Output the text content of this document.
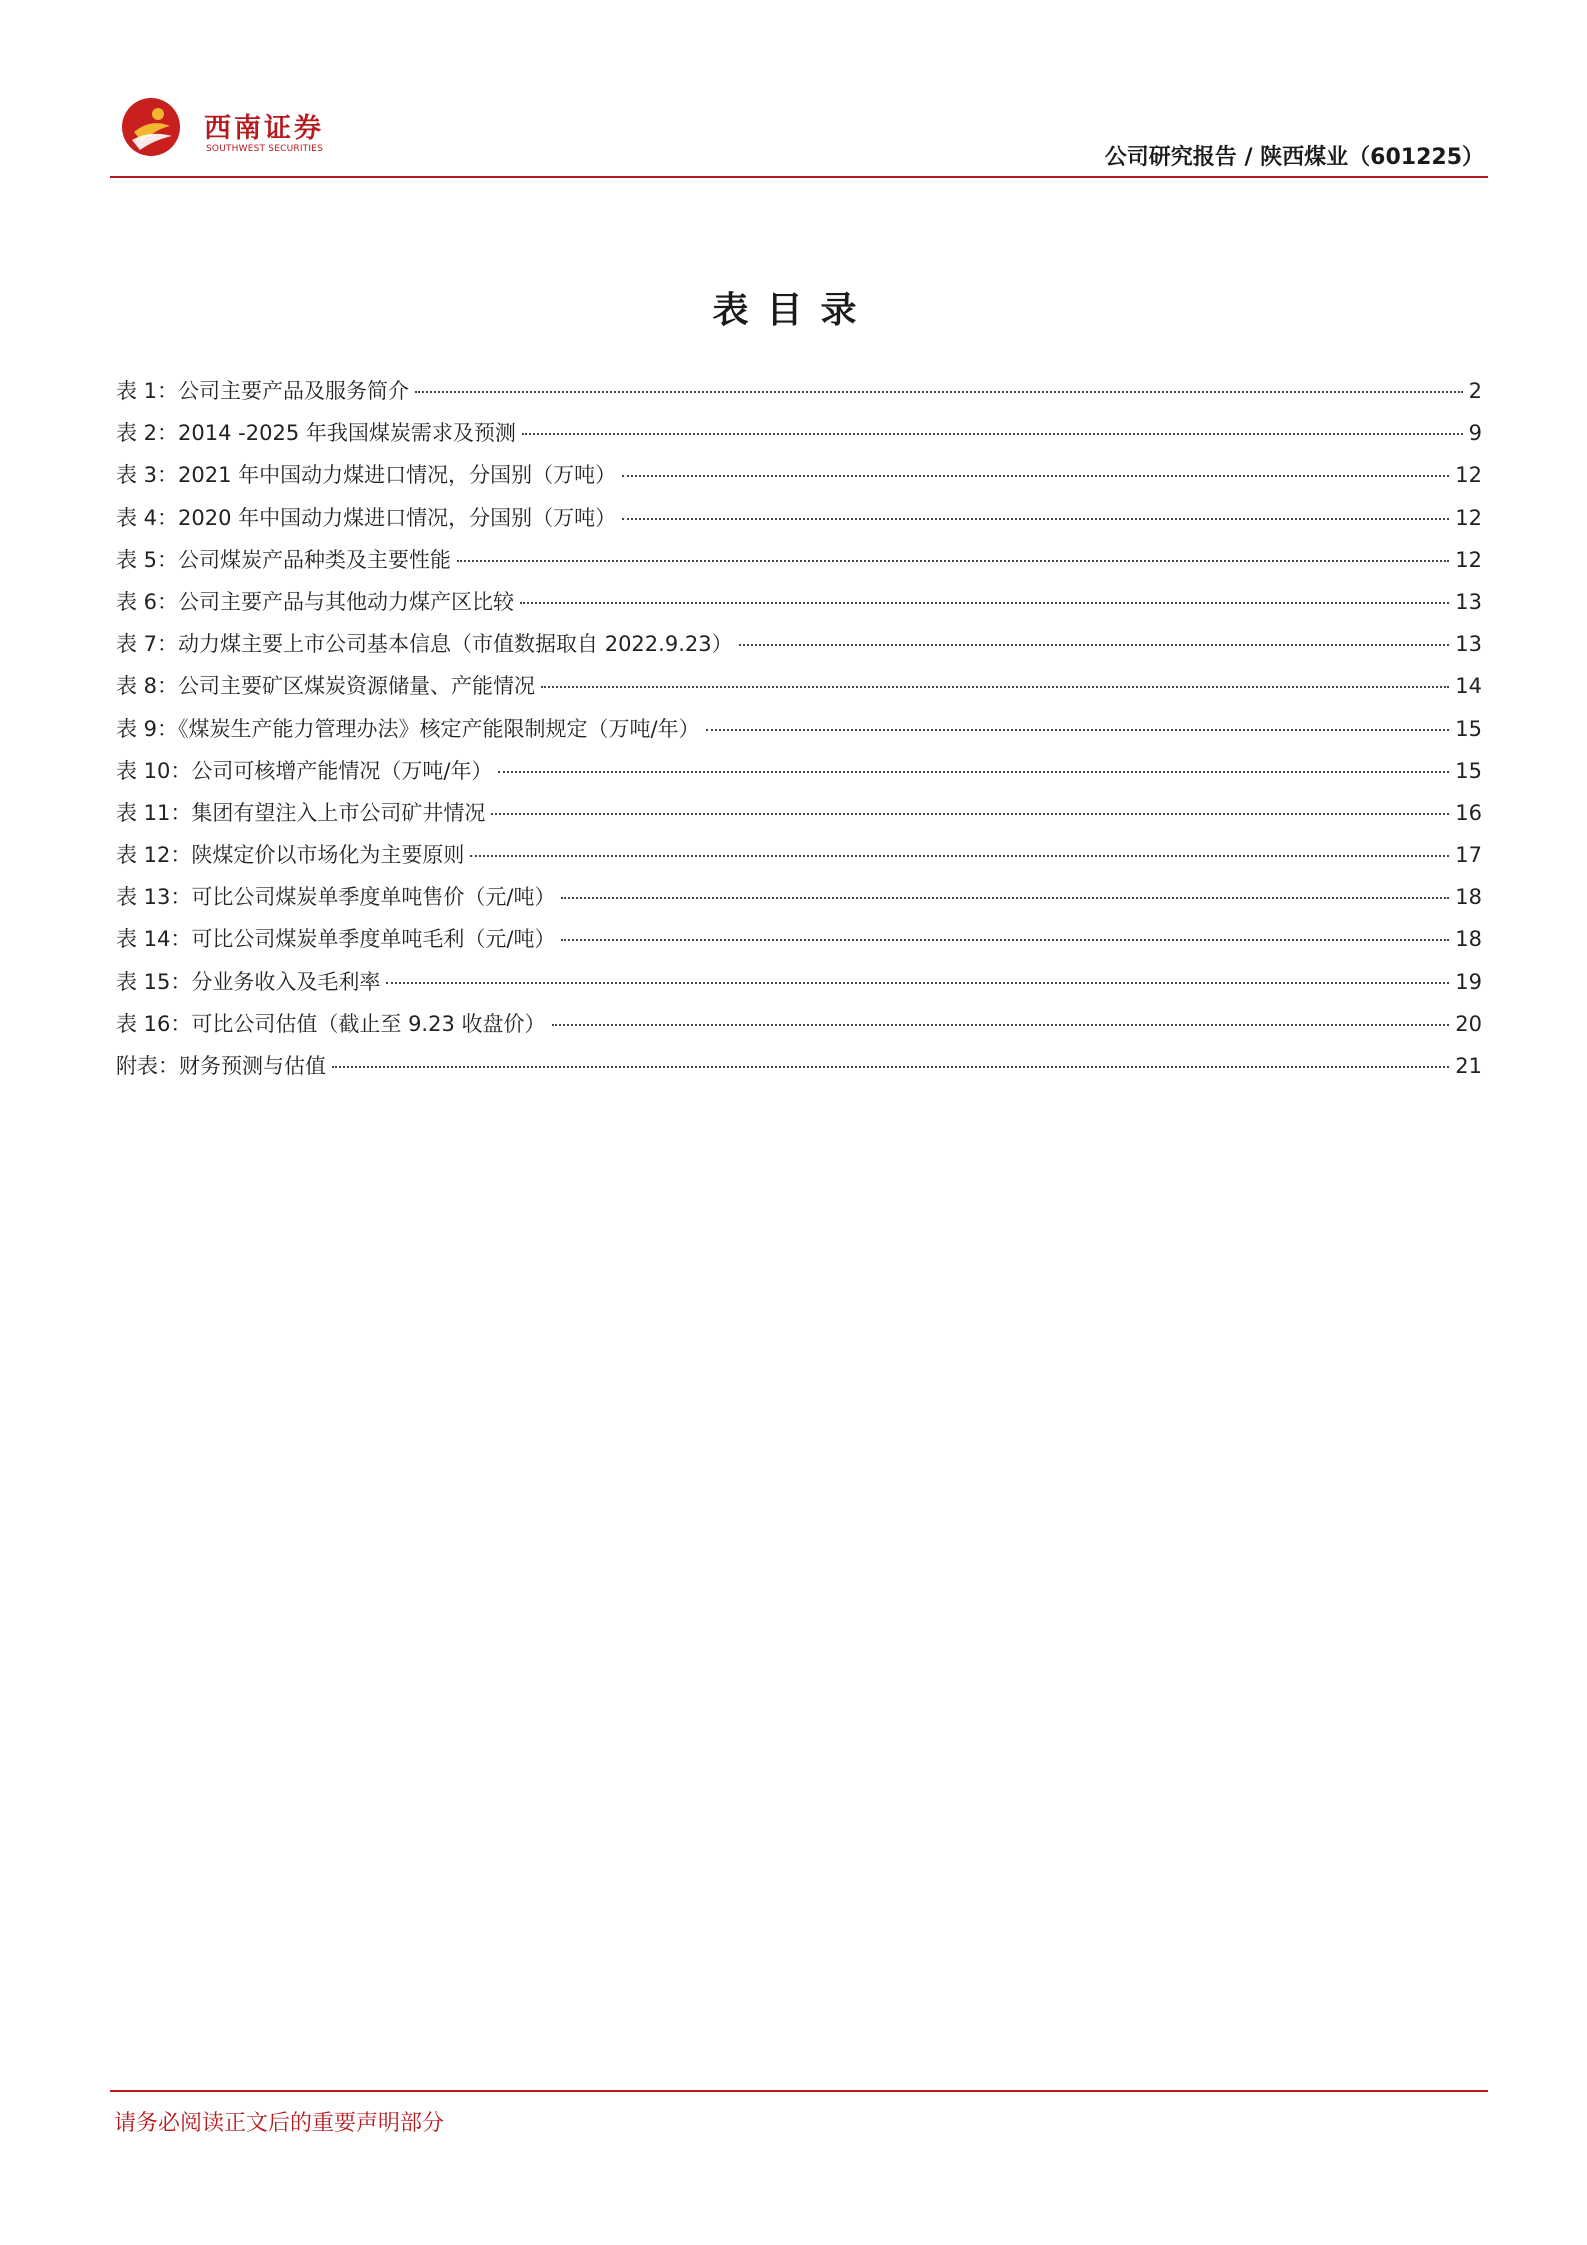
西南证券
SOUTHWEST SECURITIES	公司研究报告 / 陕西煤业（601225）
表目录
表 1：公司主要产品及服务简介	2
表 2：2014 -2025 年我国煤炭需求及预测	9
表 3：2021 年中国动力煤进口情况，分国别（万吨）	12
表 4：2020 年中国动力煤进口情况，分国别（万吨）	12
表 5：公司煤炭产品种类及主要性能	12
表 6：公司主要产品与其他动力煤产区比较	13
表 7：动力煤主要上市公司基本信息（市值数据取自 2022.9.23）	13
表 8：公司主要矿区煤炭资源储量、产能情况	14
表 9：《煤炭生产能力管理办法》核定产能限制规定（万吨/年）	15
表 10：公司可核增产能情况（万吨/年）	15
表 11：集团有望注入上市公司矿井情况	16
表 12：陕煤定价以市场化为主要原则	17
表 13：可比公司煤炭单季度单吨售价（元/吨）	18
表 14：可比公司煤炭单季度单吨毛利（元/吨）	18
表 15：分业务收入及毛利率	19
表 16：可比公司估值（截止至 9.23 收盘价）	20
附表：财务预测与估值	21
请务必阅读正文后的重要声明部分
